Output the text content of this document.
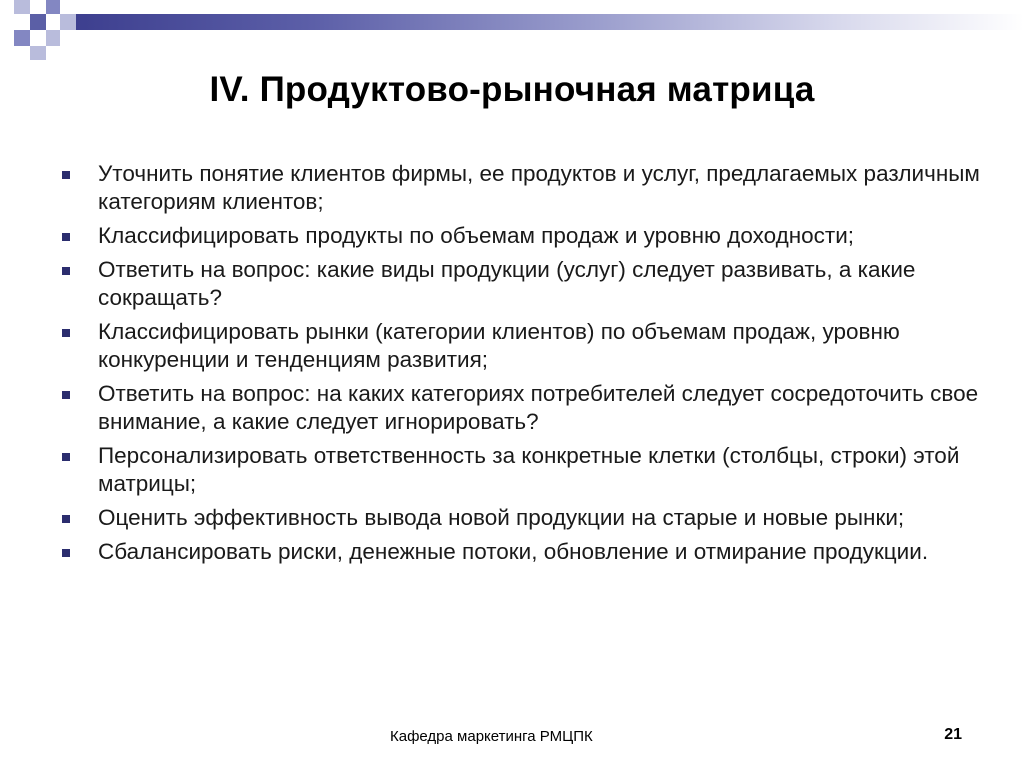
IV. Продуктово-рыночная матрица
Уточнить понятие клиентов фирмы, ее продуктов и услуг, предлагаемых различным категориям клиентов;
Классифицировать продукты по объемам продаж и уровню доходности;
Ответить на вопрос: какие виды продукции (услуг) следует развивать, а какие сокращать?
Классифицировать рынки (категории клиентов) по объемам продаж, уровню конкуренции и тенденциям развития;
Ответить на вопрос: на каких категориях потребителей следует сосредоточить свое внимание, а какие следует игнорировать?
Персонализировать ответственность за конкретные клетки (столбцы, строки) этой матрицы;
Оценить эффективность вывода новой продукции на старые и новые рынки;
Сбалансировать риски, денежные потоки, обновление и отмирание продукции.
Кафедра маркетинга РМЦПК	21
